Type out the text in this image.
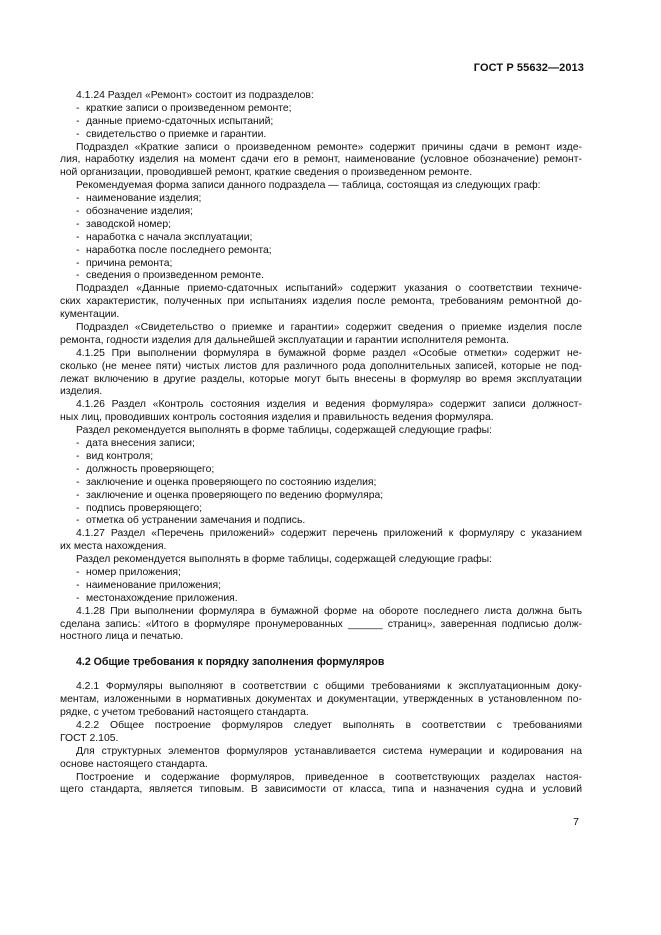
ГОСТ Р 55632—2013
4.1.24 Раздел «Ремонт» состоит из подразделов:
- краткие записи о произведенном ремонте;
- данные приемо-сдаточных испытаний;
- свидетельство о приемке и гарантии.
Подраздел «Краткие записи о произведенном ремонте» содержит причины сдачи в ремонт изде-
лия, наработку изделия на момент сдачи его в ремонт, наименование (условное обозначение) ремонт-
ной организации, проводившей ремонт, краткие сведения о произведенном ремонте.
Рекомендуемая форма записи данного подраздела — таблица, состоящая из следующих граф:
- наименование изделия;
- обозначение изделия;
- заводской номер;
- наработка с начала эксплуатации;
- наработка после последнего ремонта;
- причина ремонта;
- сведения о произведенном ремонте.
Подраздел «Данные приемо-сдаточных испытаний» содержит указания о соответствии техниче-
ских характеристик, полученных при испытаниях изделия после ремонта, требованиям ремонтной до-
кументации.
Подраздел «Свидетельство о приемке и гарантии» содержит сведения о приемке изделия после
ремонта, годности изделия для дальнейшей эксплуатации и гарантии исполнителя ремонта.
4.1.25 При выполнении формуляра в бумажной форме раздел «Особые отметки» содержит не-
сколько (не менее пяти) чистых листов для различного рода дополнительных записей, которые не под-
лежат включению в другие разделы, которые могут быть внесены в формуляр во время эксплуатации
изделия.
4.1.26 Раздел «Контроль состояния изделия и ведения формуляра» содержит записи должност-
ных лиц, проводивших контроль состояния изделия и правильность ведения формуляра.
Раздел рекомендуется выполнять в форме таблицы, содержащей следующие графы:
- дата внесения записи;
- вид контроля;
- должность проверяющего;
- заключение и оценка проверяющего по состоянию изделия;
- заключение и оценка проверяющего по ведению формуляра;
- подпись проверяющего;
- отметка об устранении замечания и подпись.
4.1.27 Раздел «Перечень приложений» содержит перечень приложений к формуляру с указанием
их места нахождения.
Раздел рекомендуется выполнять в форме таблицы, содержащей следующие графы:
- номер приложения;
- наименование приложения;
- местонахождение приложения.
4.1.28 При выполнении формуляра в бумажной форме на обороте последнего листа должна быть
сделана запись: «Итого в формуляре пронумерованных ______ страниц», заверенная подписью долж-
ностного лица и печатью.
4.2 Общие требования к порядку заполнения формуляров
4.2.1 Формуляры выполняют в соответствии с общими требованиями к эксплуатационным доку-
ментам, изложенными в нормативных документах и документации, утвержденных в установленном по-
рядке, с учетом требований настоящего стандарта.
4.2.2 Общее построение формуляров следует выполнять в соответствии с требованиями
ГОСТ 2.105.
Для структурных элементов формуляров устанавливается система нумерации и кодирования на
основе настоящего стандарта.
Построение и содержание формуляров, приведенное в соответствующих разделах настоя-
щего стандарта, является типовым. В зависимости от класса, типа и назначения судна и условий
7
